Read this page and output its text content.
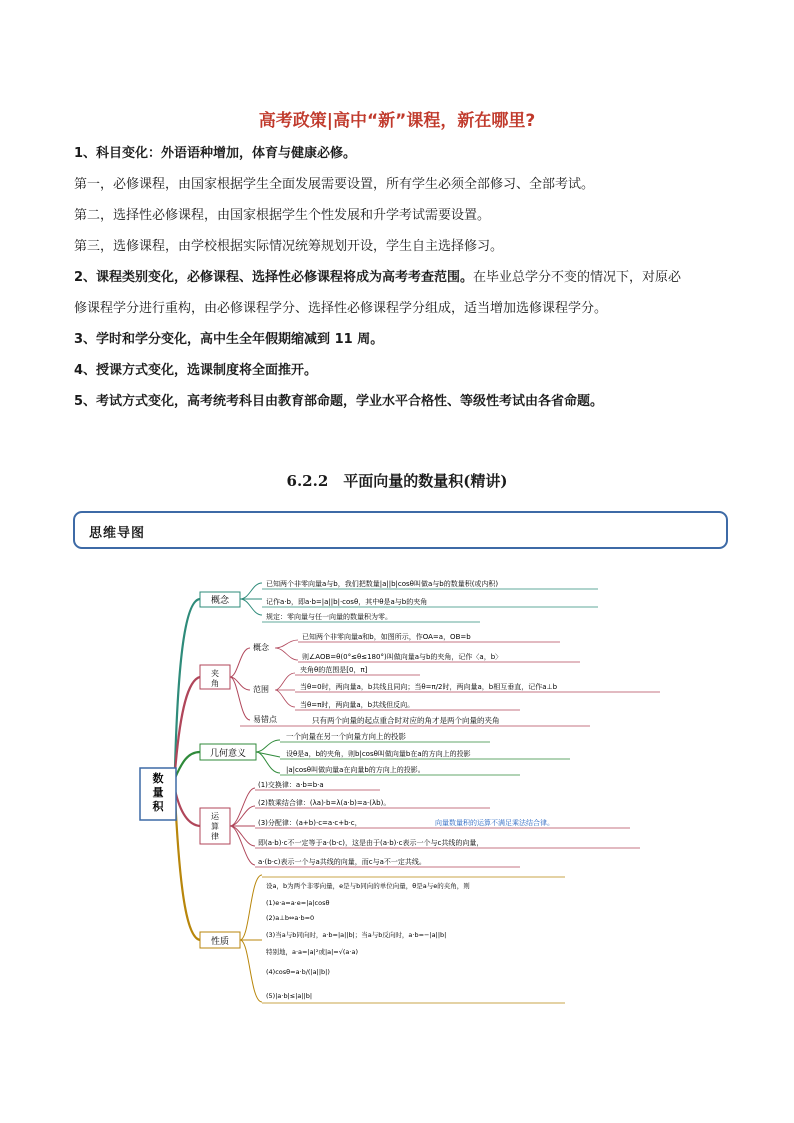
高考政策|高中“新”课程，新在哪里?
1、科目变化：外语语种增加，体育与健康必修。
第一，必修课程，由国家根据学生全面发展需要设置，所有学生必须全部修习、全部考试。
第二，选择性必修课程，由国家根据学生个性发展和升学考试需要设置。
第三，选修课程，由学校根据实际情况统筹规划开设，学生自主选择修习。
2、课程类别变化，必修课程、选择性必修课程将成为高考考查范围。在毕业总学分不变的情况下，对原必
修课程学分进行重构，由必修课程学分、选择性必修课程学分组成，适当增加选修课程学分。
3、学时和学分变化，高中生全年假期缩减到 11 周。
4、授课方式变化，选课制度将全面推开。
5、考试方式变化，高考统考科目由教育部命题，学业水平合格性、等级性考试由各省命题。
6.2.2　平面向量的数量积(精讲)
思维导图
数
量
积
概念
已知两个非零向量a与b，我们把数量|a||b|cosθ叫做a与b的数量积(或内积)
记作a·b，即a·b=|a||b|·cosθ，其中θ是a与b的夹角
规定：零向量与任一向量的数量积为零。
夹
角
概念
范围
易错点
已知两个非零向量a和b，如图所示，作OA=a，OB=b
则∠AOB=θ(0°≤θ≤180°)叫做向量a与b的夹角，记作〈a，b〉
夹角θ的范围是[0，π]
当θ=0时，两向量a，b共线且同向；当θ=π/2时，两向量a，b相互垂直，记作a⊥b
当θ=π时，两向量a，b共线但反向。
只有两个向量的起点重合时对应的角才是两个向量的夹角
几何意义
一个向量在另一个向量方向上的投影
设θ是a，b的夹角，则b|cosθ叫做向量b在a的方向上的投影
|a|cosθ叫做向量a在向量b的方向上的投影。
运
算
律
(1)交换律：a·b=b·a
(2)数乘结合律：(λa)·b=λ(a·b)=a·(λb)。
(3)分配律：(a+b)·c=a·c+b·c，	向量数量积的运算不满足乘法结合律。
即(a·b)·c不一定等于a·(b·c)，这是由于(a·b)·c表示一个与c共线的向量，
a·(b·c)表示一个与a共线的向量，而c与a不一定共线。
性质
设a，b为两个非零向量，e是与b同向的单位向量，θ是a与e的夹角，则
(1)e·a=a·e=|a|cosθ
(2)a⊥b⇔a·b=0
(3)当a与b同向时，a·b=|a||b|；当a与b反向时，a·b=−|a||b|
特别地，a·a=|a|²或|a|=√(a·a)
(4)cosθ=a·b/(|a||b|)
(5)|a·b|≤|a||b|
